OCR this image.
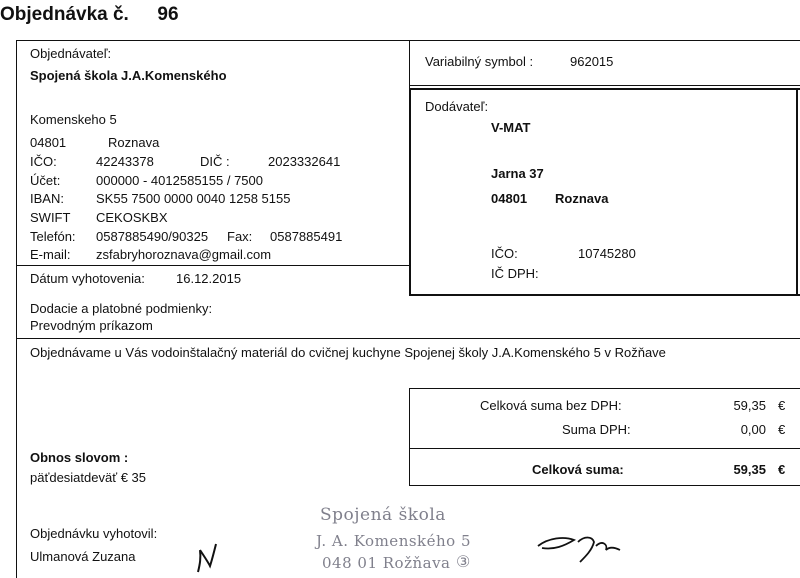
Objednávka č. 96
Objednávateľ:
Spojená škola J.A.Komenského
Komenskeho 5
04801	Roznava
IČO:	42243378	DIČ :	2023332641
Účet:	000000 - 4012585155 / 7500
IBAN: SK55 7500 0000 0040 1258 5155
SWIFT CEKOSKBX
Telefón: 0587885490/90325 Fax: 0587885491
E-mail: zsfabryhoroznava@gmail.com
Dátum vyhotovenia: 16.12.2015
Variabilný symbol :	962015
Dodávateľ:
V-MAT
Jarna 37
04801 Roznava
IČO:	10745280
IČ DPH:
Dodacie a platobné podmienky:
Prevodným príkazom
Objednávame u Vás vodoinštalačný materiál do cvičnej kuchyne Spojenej školy J.A.Komenského 5 v Rožňave
Celková suma bez DPH:	59,35 €
Suma DPH:	0,00 €
Celková suma:	59,35 €
Obnos slovom :
päťdesiatdeväť € 35
Objednávku vyhotovil:
Ulmanová Zuzana
Spojená škola
J. A. Komenského 5
048 01 Rožňava ③
